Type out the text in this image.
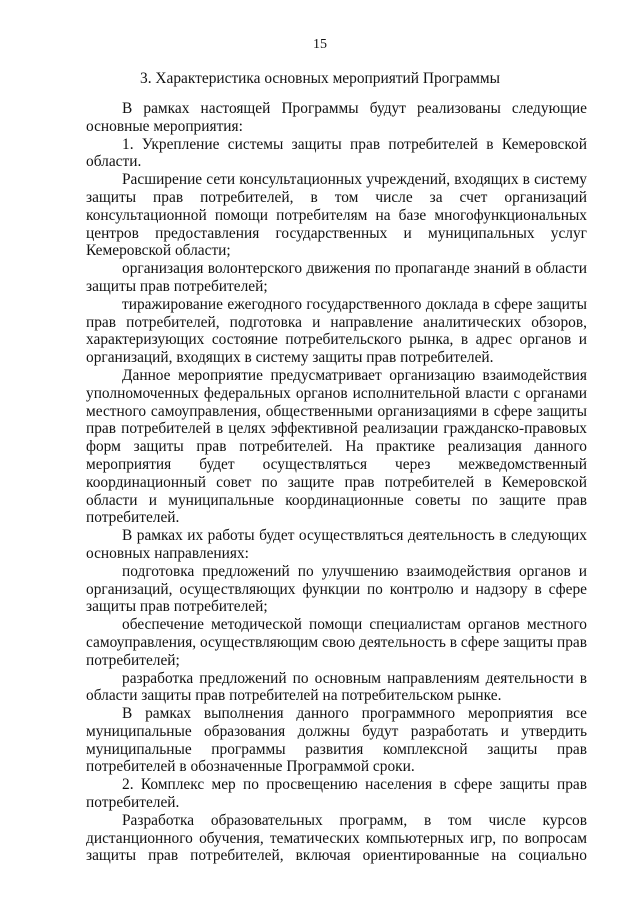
15
3. Характеристика основных мероприятий Программы
В рамках настоящей Программы будут реализованы следующие
основные мероприятия:
1. Укрепление системы защиты прав потребителей в Кемеровской
области.
Расширение сети консультационных учреждений, входящих в систему
защиты прав потребителей, в том числе за счет организаций
консультационной помощи потребителям на базе многофункциональных
центров предоставления государственных и муниципальных услуг
Кемеровской области;
организация волонтерского движения по пропаганде знаний в области
защиты прав потребителей;
тиражирование ежегодного государственного доклада в сфере защиты
прав потребителей, подготовка и направление аналитических обзоров,
характеризующих состояние потребительского рынка, в адрес органов и
организаций, входящих в систему защиты прав потребителей.
Данное мероприятие предусматривает организацию взаимодействия
уполномоченных федеральных органов исполнительной власти с органами
местного самоуправления, общественными организациями в сфере защиты
прав потребителей в целях эффективной реализации гражданско-правовых
форм защиты прав потребителей. На практике реализация данного
мероприятия будет осуществляться через межведомственный
координационный совет по защите прав потребителей в Кемеровской
области и муниципальные координационные советы по защите прав
потребителей.
В рамках их работы будет осуществляться деятельность в следующих
основных направлениях:
подготовка предложений по улучшению взаимодействия органов и
организаций, осуществляющих функции по контролю и надзору в сфере
защиты прав потребителей;
обеспечение методической помощи специалистам органов местного
самоуправления, осуществляющим свою деятельность в сфере защиты прав
потребителей;
разработка предложений по основным направлениям деятельности в
области защиты прав потребителей на потребительском рынке.
В рамках выполнения данного программного мероприятия все
муниципальные образования должны будут разработать и утвердить
муниципальные программы развития комплексной защиты прав
потребителей в обозначенные Программой сроки.
2. Комплекс мер по просвещению населения в сфере защиты прав
потребителей.
Разработка образовательных программ, в том числе курсов
дистанционного обучения, тематических компьютерных игр, по вопросам
защиты прав потребителей, включая ориентированные на социально
